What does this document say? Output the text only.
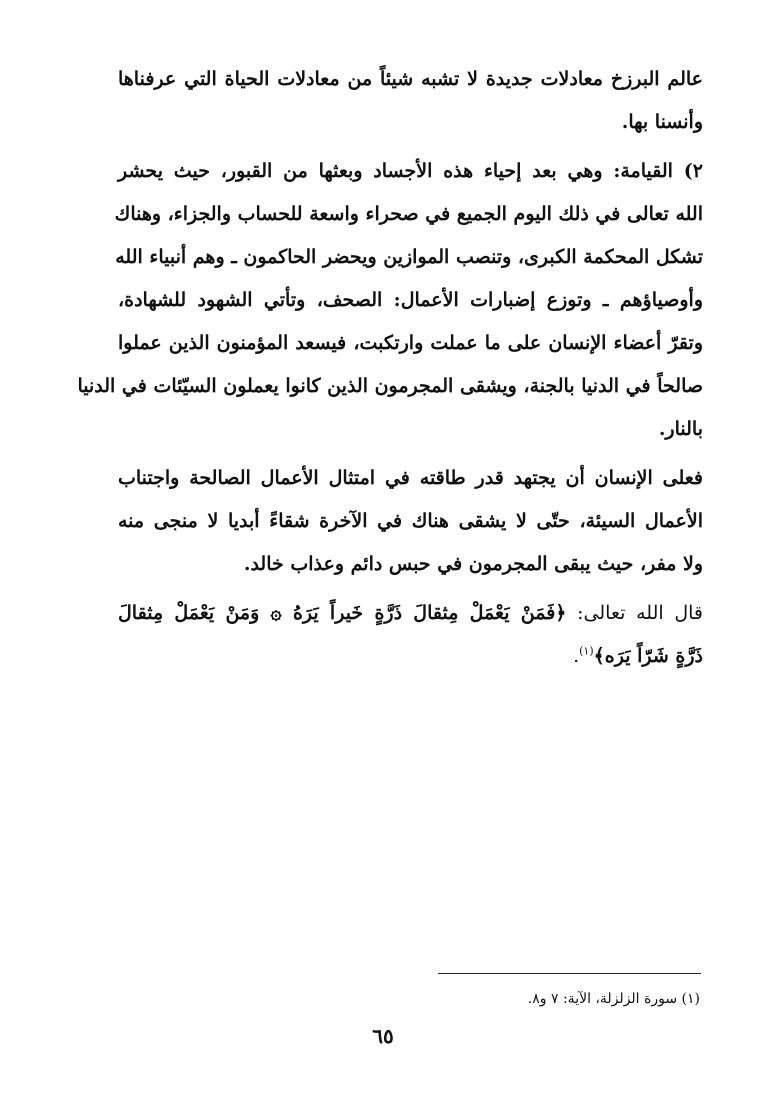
عالم البرزخ معادلات جديدة لا تشبه شيئاً من معادلات الحياة التي عرفناها
وأنسنا بها.

٢) القيامة: وهي بعد إحياء هذه الأجساد وبعثها من القبور، حيث يحشر
الله تعالى في ذلك اليوم الجميع في صحراء واسعة للحساب والجزاء، وهناك
تشكل المحكمة الكبرى، وتنصب الموازين ويحضر الحاكمون ـ وهم أنبياء الله
وأوصياؤهم ـ وتوزع إضبارات الأعمال: الصحف، وتأتي الشهود للشهادة،
وتقرّ أعضاء الإنسان على ما عملت وارتكبت، فيسعد المؤمنون الذين عملوا
صالحاً في الدنيا بالجنة، ويشقى المجرمون الذين كانوا يعملون السيّئات في الدنيا
بالنار.

فعلى الإنسان أن يجتهد قدر طاقته في امتثال الأعمال الصالحة واجتناب
الأعمال السيئة، حتّى لا يشقى هناك في الآخرة شقاءً أبديا لا منجى منه
ولا مفر، حيث يبقى المجرمون في حبس دائم وعذاب خالد.

قال الله تعالى: ﴿فَمَنْ يَعْمَلْ مِثقالَ ذَرَّةٍ خَيراً يَرَهُ ۞ وَمَنْ يَعْمَلْ مِثقالَ
ذَرَّةٍ شَرّاً يَرَه﴾$^{(١)}$.

(١) سورة الزلزلة، الآية: ٧ و٨.
٦٥
